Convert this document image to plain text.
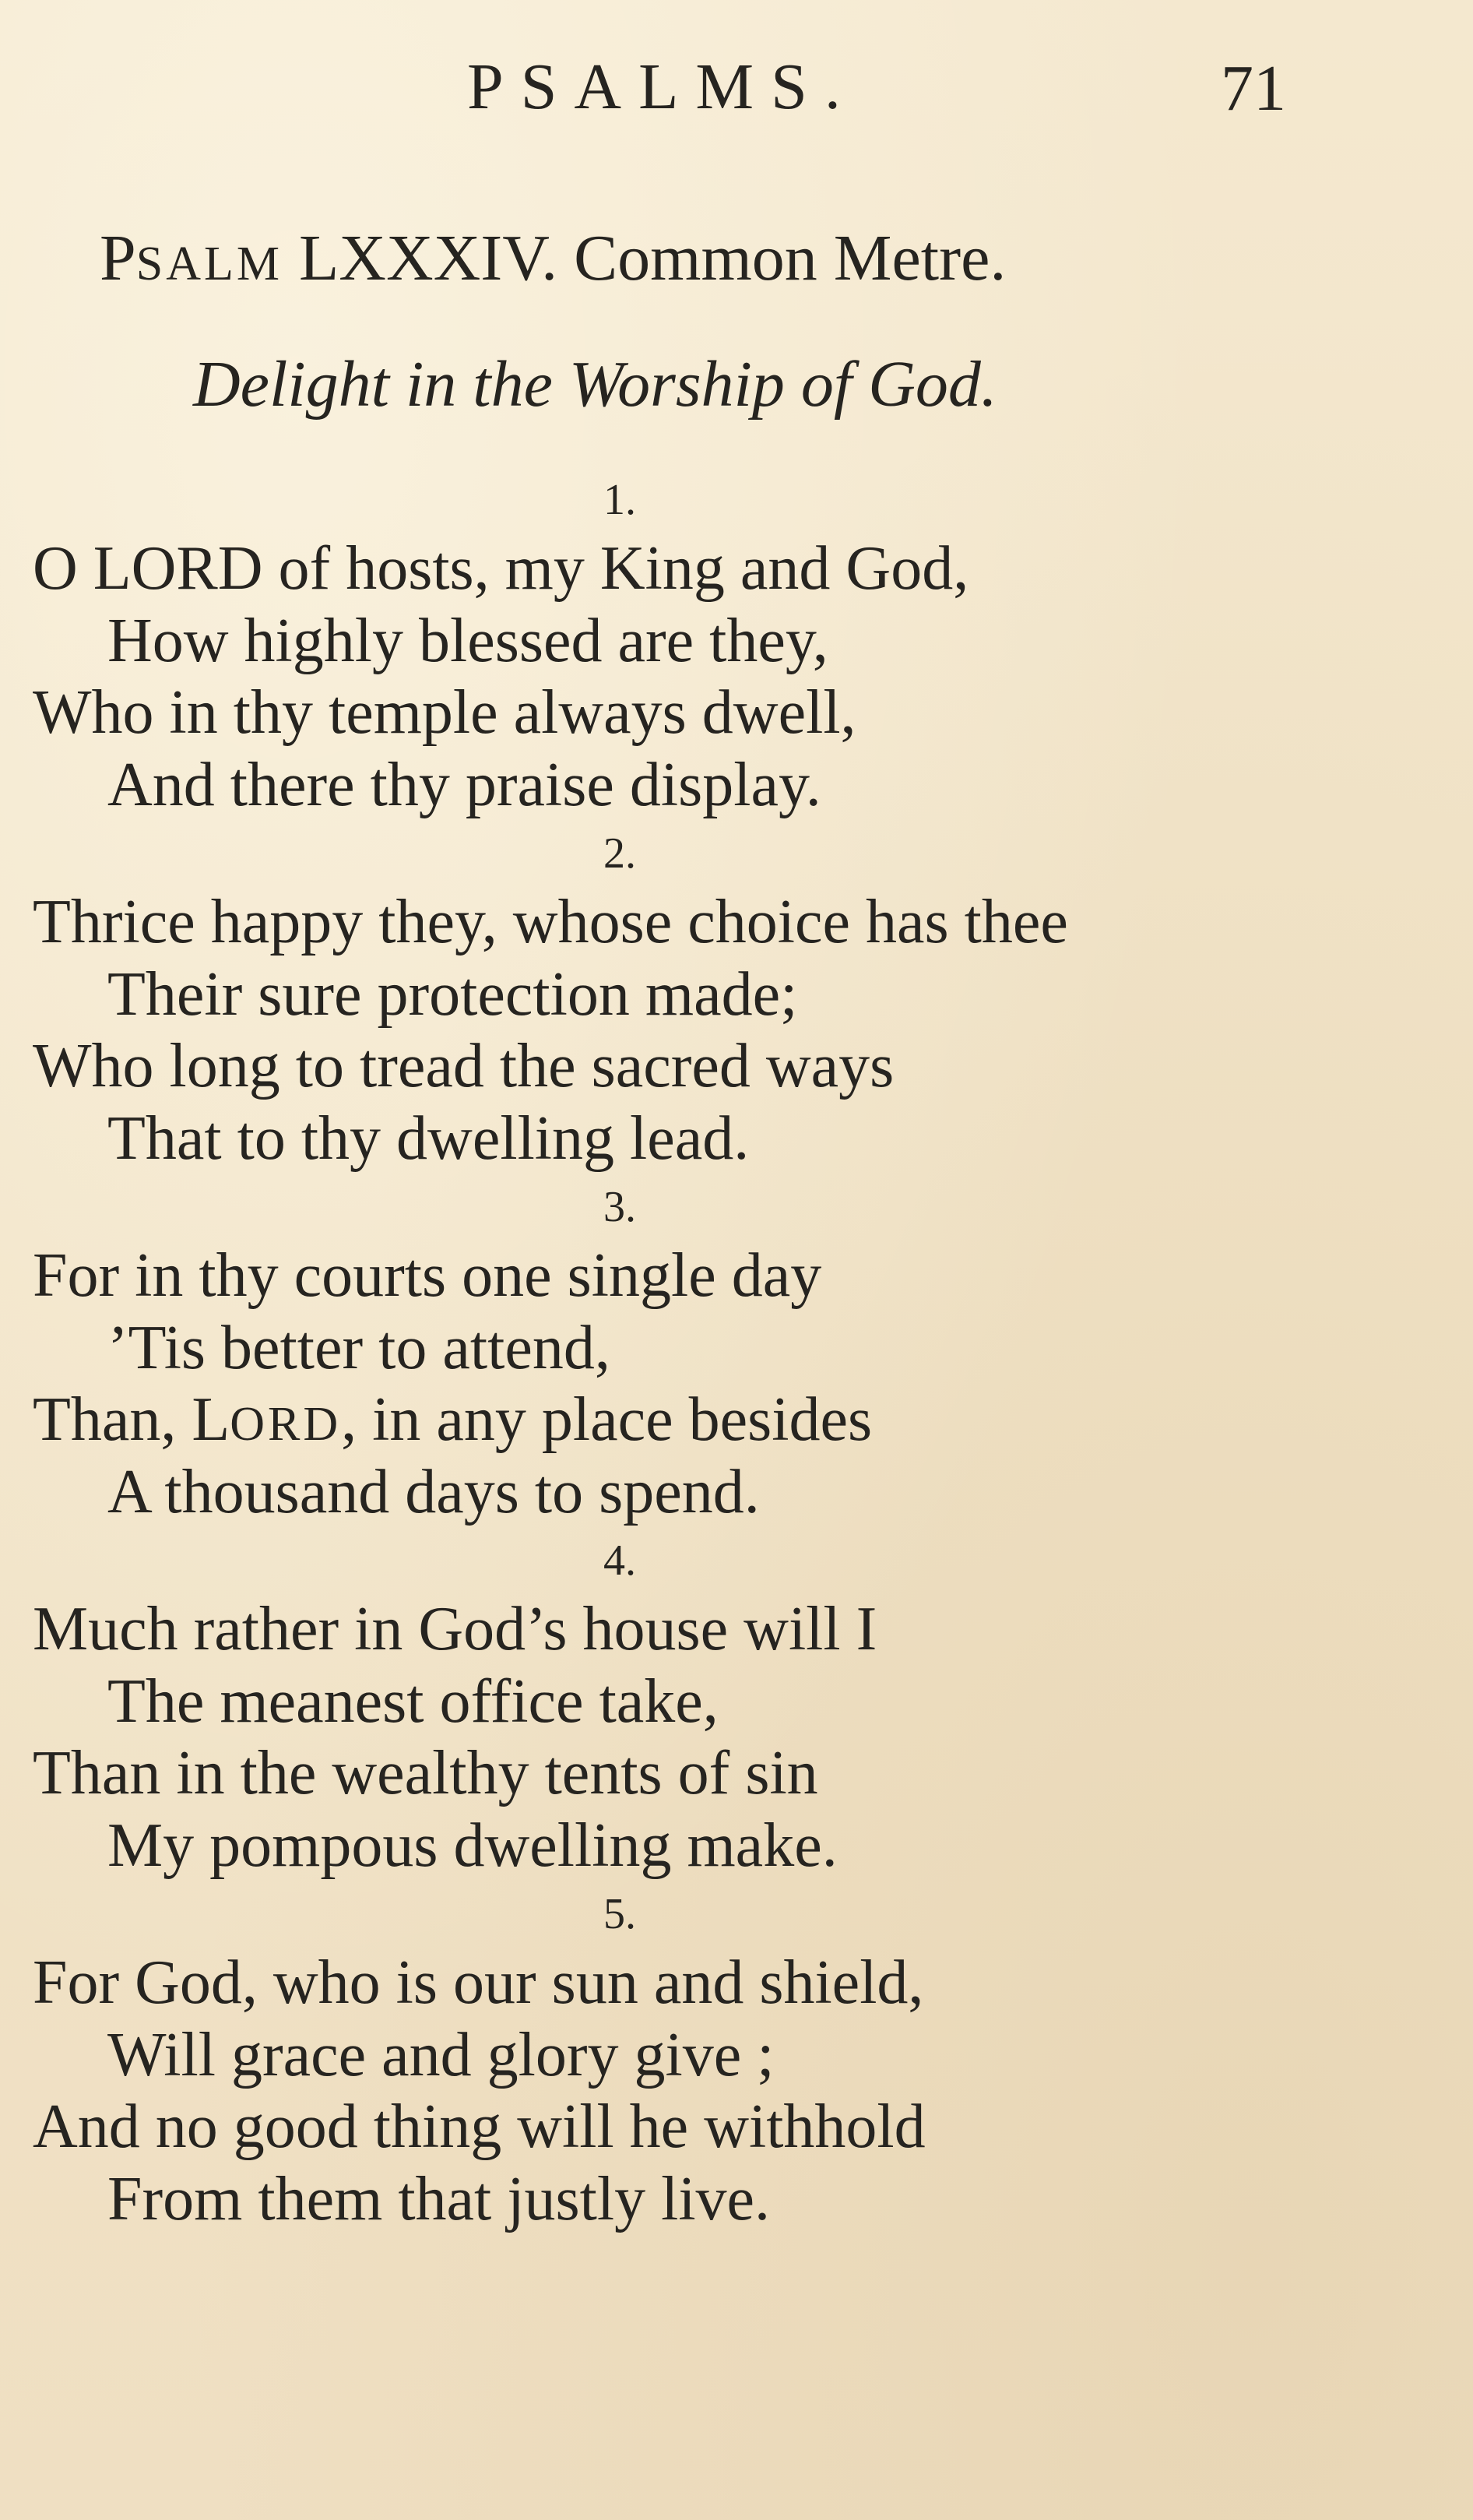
PSALMS.	71
PSALM LXXXIV. Common Metre.
Delight in the Worship of God.
1.
O LORD of hosts, my King and God,
How highly blessed are they,
Who in thy temple always dwell,
And there thy praise display.
2.
Thrice happy they, whose choice has thee
Their sure protection made;
Who long to tread the sacred ways
That to thy dwelling lead.
3.
For in thy courts one single day
’Tis better to attend,
Than, LORD, in any place besides
A thousand days to spend.
4.
Much rather in God’s house will I
The meanest office take,
Than in the wealthy tents of sin
My pompous dwelling make.
5.
For God, who is our sun and shield,
Will grace and glory give ;
And no good thing will he withhold
From them that justly live.
